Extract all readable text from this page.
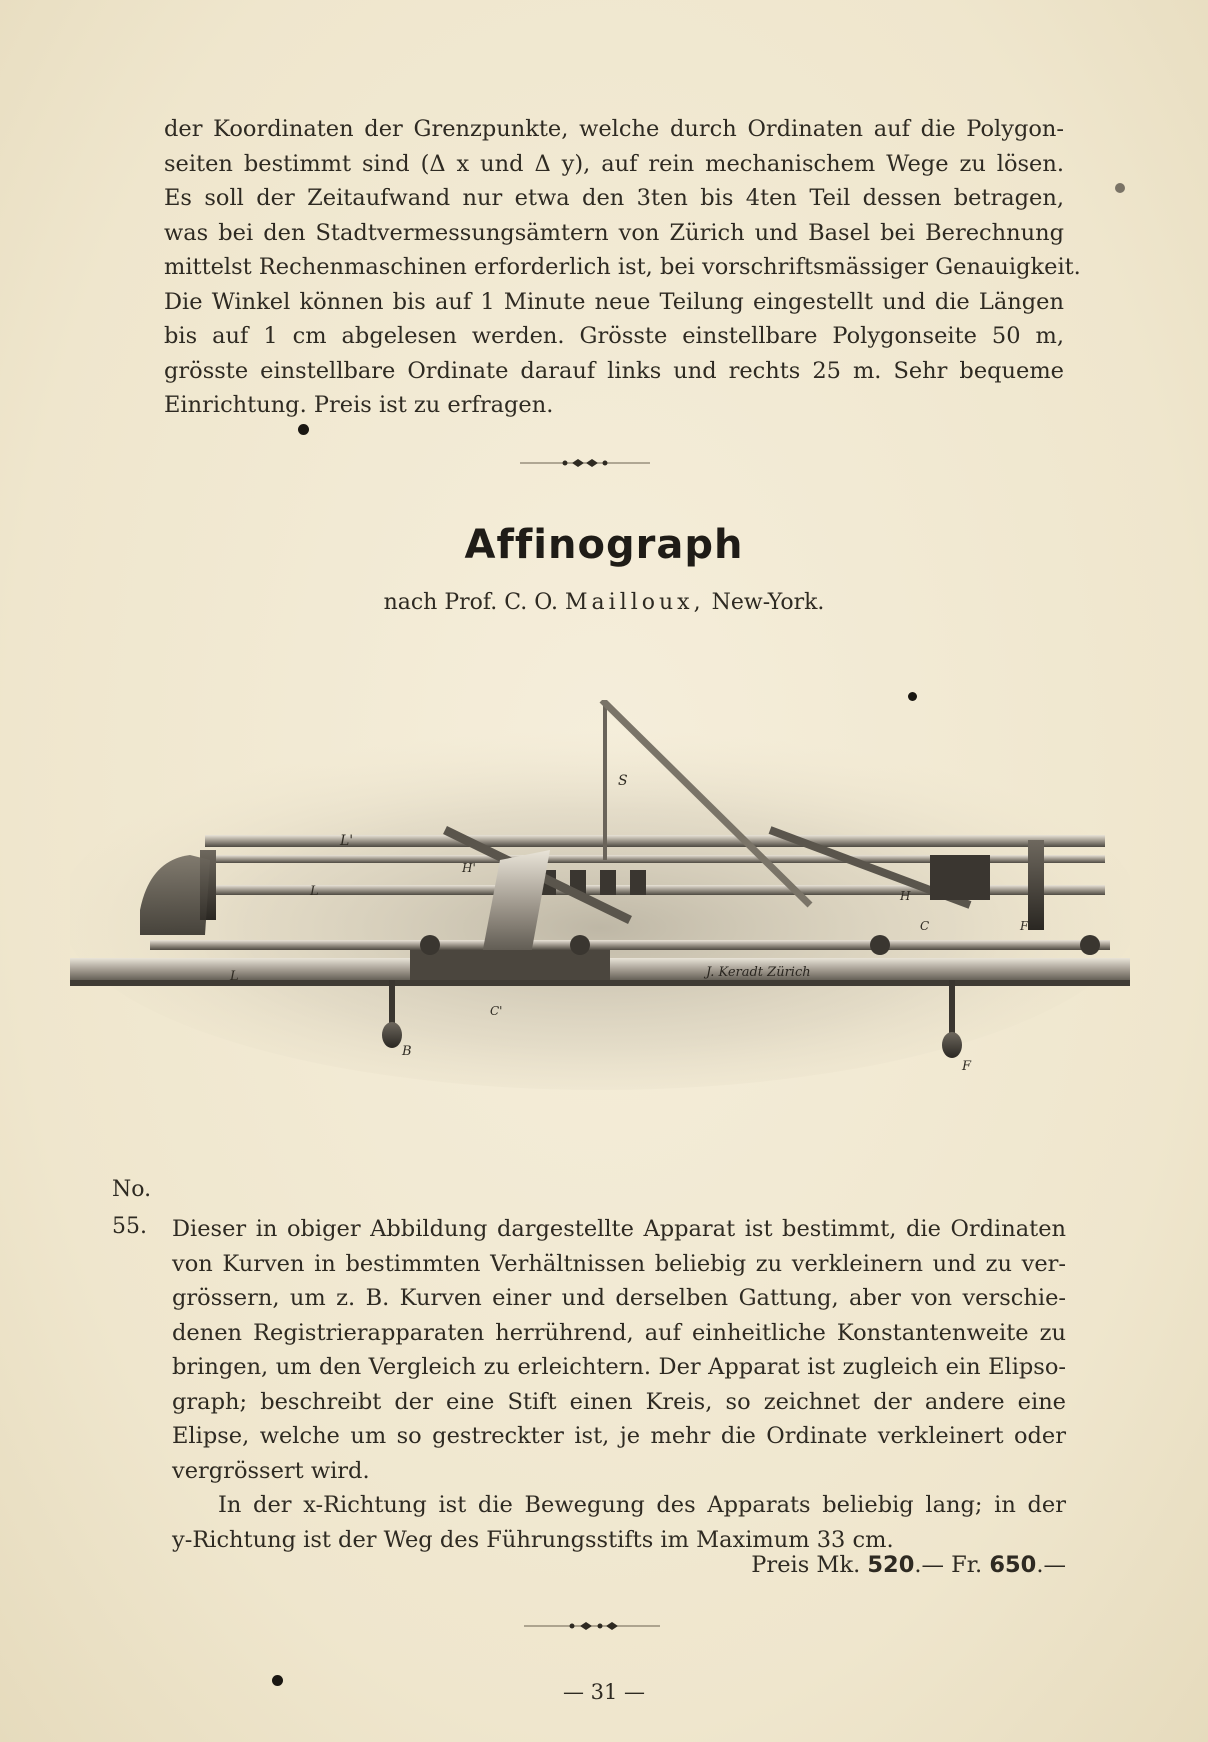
der Koordinaten der Grenzpunkte, welche durch Ordinaten auf die Polygon-
seiten bestimmt sind (Δ x und Δ y), auf rein mechanischem Wege zu lösen.
Es soll der Zeitaufwand nur etwa den 3ten bis 4ten Teil dessen betragen,
was bei den Stadtvermessungsämtern von Zürich und Basel bei Berechnung
mittelst Rechenmaschinen erforderlich ist, bei vorschriftsmässiger Genauigkeit.
Die Winkel können bis auf 1 Minute neue Teilung eingestellt und die Längen
bis auf 1 cm abgelesen werden. Grösste einstellbare Polygonseite 50 m,
grösste einstellbare Ordinate darauf links und rechts 25 m. Sehr bequeme
Einrichtung. Preis ist zu erfragen.
Affinograph
nach Prof. C. O. Mailloux, New-York.
S
L'
H'
L	H
C	F
L
C'
B
F
J. Keradt Zürich
No.
55. Dieser in obiger Abbildung dargestellte Apparat ist bestimmt, die Ordinaten
von Kurven in bestimmten Verhältnissen beliebig zu verkleinern und zu ver-
grössern, um z. B. Kurven einer und derselben Gattung, aber von verschie-
denen Registrierapparaten herrührend, auf einheitliche Konstantenweite zu
bringen, um den Vergleich zu erleichtern. Der Apparat ist zugleich ein Elipso-
graph; beschreibt der eine Stift einen Kreis, so zeichnet der andere eine
Elipse, welche um so gestreckter ist, je mehr die Ordinate verkleinert oder
vergrössert wird.
In der x-Richtung ist die Bewegung des Apparats beliebig lang; in der
y-Richtung ist der Weg des Führungsstifts im Maximum 33 cm.
Preis Mk. 520.— Fr. 650.—
— 31 —
